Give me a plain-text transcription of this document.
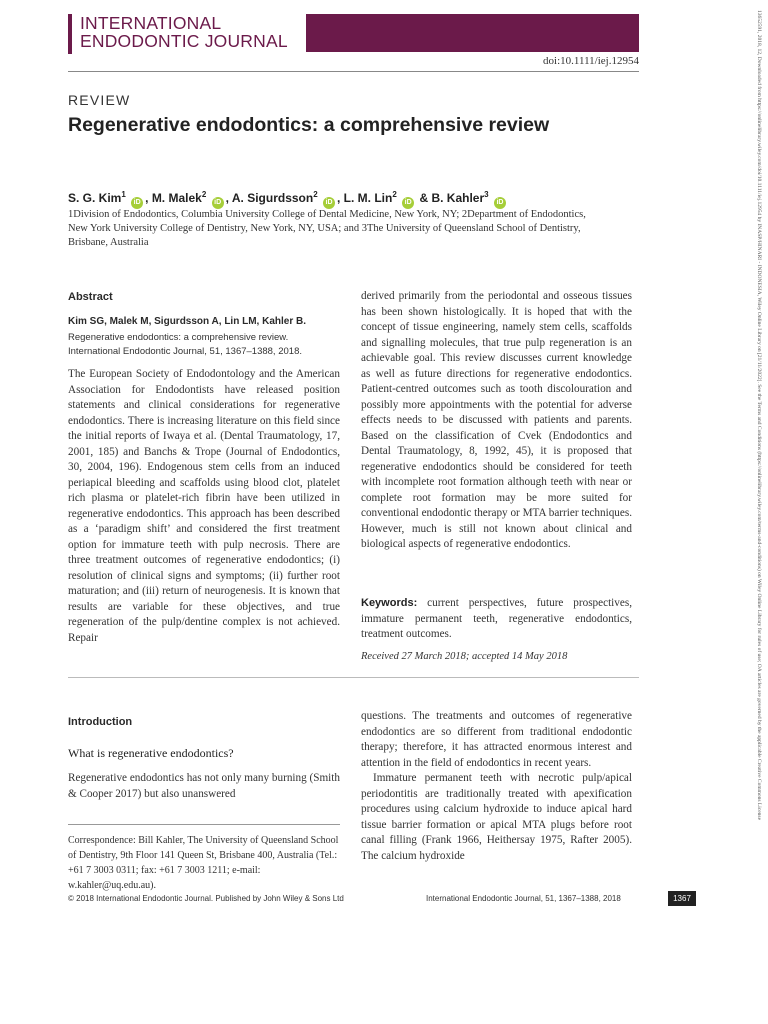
INTERNATIONAL
ENDODONTIC JOURNAL
doi:10.1111/iej.12954
REVIEW
Regenerative endodontics: a comprehensive review
S. G. Kim$^1$ iD , M. Malek$^2$ iD , A. Sigurdsson$^2$ iD , L. M. Lin$^2$ iD & B. Kahler$^3$ iD
1Division of Endodontics, Columbia University College of Dental Medicine, New York, NY; 2Department of Endodontics, New York University College of Dentistry, New York, NY, USA; and 3The University of Queensland School of Dentistry, Brisbane, Australia
Abstract
Kim SG, Malek M, Sigurdsson A, Lin LM, Kahler B.
Regenerative endodontics: a comprehensive review. International Endodontic Journal, 51, 1367–1388, 2018.
The European Society of Endodontology and the American Association for Endodontists have released position statements and clinical considerations for regenerative endodontics. There is increasing literature on this field since the initial reports of Iwaya et al. (Dental Traumatology, 17, 2001, 185) and Banchs & Trope (Journal of Endodontics, 30, 2004, 196). Endogenous stem cells from an induced periapical bleeding and scaffolds using blood clot, platelet rich plasma or platelet-rich fibrin have been utilized in regenerative endodontics. This approach has been described as a ‘paradigm shift’ and considered the first treatment option for immature teeth with pulp necrosis. There are three treatment outcomes of regenerative endodontics; (i) resolution of clinical signs and symptoms; (ii) further root maturation; and (iii) return of neurogenesis. It is known that results are variable for these objectives, and true regeneration of the pulp/dentine complex is not achieved. Repair
derived primarily from the periodontal and osseous tissues has been shown histologically. It is hoped that with the concept of tissue engineering, namely stem cells, scaffolds and signalling molecules, that true pulp regeneration is an achievable goal. This review discusses current knowledge as well as future directions for regenerative endodontics. Patient-centred outcomes such as tooth discolouration and possibly more appointments with the potential for adverse effects needs to be discussed with patients and parents. Based on the classification of Cvek (Endodontics and Dental Traumatology, 8, 1992, 45), it is proposed that regenerative endodontics should be considered for teeth with incomplete root formation although teeth with near or complete root formation may be more suited for conventional endodontic therapy or MTA barrier techniques. However, much is still not known about clinical and biological aspects of regenerative endodontics.
Keywords: current perspectives, future prospectives, immature permanent teeth, regenerative endodontics, treatment outcomes.
Received 27 March 2018; accepted 14 May 2018
Introduction
What is regenerative endodontics?
Regenerative endodontics has not only many burning (Smith & Cooper 2017) but also unanswered
Correspondence: Bill Kahler, The University of Queensland School of Dentistry, 9th Floor 141 Queen St, Brisbane 400, Australia (Tel.: +61 7 3003 0311; fax: +61 7 3003 1211; e-mail: w.kahler@uq.edu.au).
questions. The treatments and outcomes of regenerative endodontics are so different from traditional endodontic therapy; therefore, it has attracted enormous interest and attention in the field of endodontics in recent years.
Immature permanent teeth with necrotic pulp/apical periodontitis are traditionally treated with apexification procedures using calcium hydroxide to induce apical hard tissue barrier formation or apical MTA plugs before root canal filling (Frank 1966, Heithersay 1975, Rafter 2005). The calcium hydroxide
© 2018 International Endodontic Journal. Published by John Wiley & Sons Ltd	International Endodontic Journal, 51, 1367–1388, 2018	1367
13652591, 2018, 12, Downloaded from https://onlinelibrary.wiley.com/doi/10.1111/iej.12954 by INASP/HINARI - INDONESIA, Wiley Online Library on [21/11/2022]. See the Terms and Conditions (https://onlinelibrary.wiley.com/terms-and-conditions) on Wiley Online Library for rules of use; OA articles are governed by the applicable Creative Commons License
